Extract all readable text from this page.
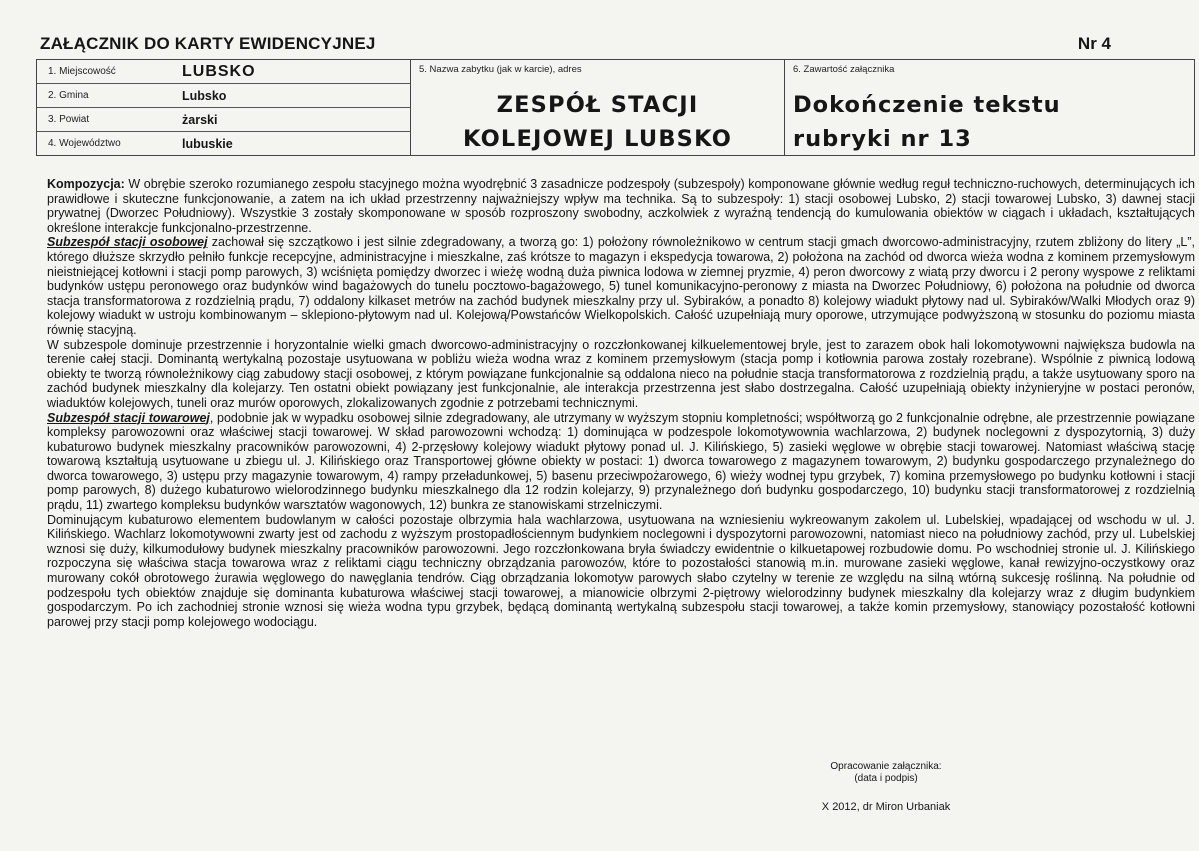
ZAŁĄCZNIK DO KARTY EWIDENCYJNEJ	Nr 4
1. Miejscowość	LUBSKO
2. Gmina	Lubsko
3. Powiat	żarski
4. Województwo	lubuskie
5. Nazwa zabytku (jak w karcie), adres
ZESPÓŁ STACJI
KOLEJOWEJ LUBSKO
6. Zawartość załącznika
Dokończenie tekstu
rubryki nr 13

Kompozycja: W obrębie szeroko rozumianego zespołu stacyjnego można wyodrębnić 3 zasadnicze podzespoły (subzespoły) komponowane głównie według reguł techniczno-ruchowych, determinujących ich prawidłowe i skuteczne funkcjonowanie, a zatem na ich układ przestrzenny najważniejszy wpływ ma technika. Są to subzespoły: 1) stacji osobowej Lubsko, 2) stacji towarowej Lubsko, 3) dawnej stacji prywatnej (Dworzec Południowy). Wszystkie 3 zostały skomponowane w sposób rozproszony swobodny, aczkolwiek z wyraźną tendencją do kumulowania obiektów w ciągach i układach, kształtujących określone interakcje funkcjonalno-przestrzenne.

Subzespół stacji osobowej zachował się szczątkowo i jest silnie zdegradowany, a tworzą go: 1) położony równoleżnikowo w centrum stacji gmach dworcowo-administracyjny, rzutem zbliżony do litery „L”, którego dłuższe skrzydło pełniło funkcje recepcyjne, administracyjne i mieszkalne, zaś krótsze to magazyn i ekspedycja towarowa, 2) położona na zachód od dworca wieża wodna z kominem przemysłowym nieistniejącej kotłowni i stacji pomp parowych, 3) wciśnięta pomiędzy dworzec i wieżę wodną duża piwnica lodowa w ziemnej pryzmie, 4) peron dworcowy z wiatą przy dworcu i 2 perony wyspowe z reliktami budynków ustępu peronowego oraz budynków wind bagażowych do tunelu pocztowo-bagażowego, 5) tunel komunikacyjno-peronowy z miasta na Dworzec Południowy, 6) położona na południe od dworca stacja transformatorowa z rozdzielnią prądu, 7) oddalony kilkaset metrów na zachód budynek mieszkalny przy ul. Sybiraków, a ponadto 8) kolejowy wiadukt płytowy nad ul. Sybiraków/Walki Młodych oraz 9) kolejowy wiadukt w ustroju kombinowanym – sklepiono-płytowym nad ul. Kolejową/Powstańców Wielkopolskich. Całość uzupełniają mury oporowe, utrzymujące podwyższoną w stosunku do poziomu miasta równię stacyjną.

W subzespole dominuje przestrzennie i horyzontalnie wielki gmach dworcowo-administracyjny o rozczłonkowanej kilkuelementowej bryle, jest to zarazem obok hali lokomotywowni największa budowla na terenie całej stacji. Dominantą wertykalną pozostaje usytuowana w pobliżu wieża wodna wraz z kominem przemysłowym (stacja pomp i kotłownia parowa zostały rozebrane). Wspólnie z piwnicą lodową obiekty te tworzą równoleżnikowy ciąg zabudowy stacji osobowej, z którym powiązane funkcjonalnie są oddalona nieco na południe stacja transformatorowa z rozdzielnią prądu, a także usytuowany sporo na zachód budynek mieszkalny dla kolejarzy. Ten ostatni obiekt powiązany jest funkcjonalnie, ale interakcja przestrzenna jest słabo dostrzegalna. Całość uzupełniają obiekty inżynieryjne w postaci peronów, wiaduktów kolejowych, tuneli oraz murów oporowych, zlokalizowanych zgodnie z potrzebami technicznymi.

Subzespół stacji towarowej, podobnie jak w wypadku osobowej silnie zdegradowany, ale utrzymany w wyższym stopniu kompletności; współtworzą go 2 funkcjonalnie odrębne, ale przestrzennie powiązane kompleksy parowozowni oraz właściwej stacji towarowej. W skład parowozowni wchodzą: 1) dominująca w podzespole lokomotywownia wachlarzowa, 2) budynek noclegowni z dyspozytornią, 3) duży kubaturowo budynek mieszkalny pracowników parowozowni, 4) 2-przęsłowy kolejowy wiadukt płytowy ponad ul. J. Kilińskiego, 5) zasieki węglowe w obrębie stacji towarowej. Natomiast właściwą stację towarową kształtują usytuowane u zbiegu ul. J. Kilińskiego oraz Transportowej główne obiekty w postaci: 1) dworca towarowego z magazynem towarowym, 2) budynku gospodarczego przynależnego do dworca towarowego, 3) ustępu przy magazynie towarowym, 4) rampy przeładunkowej, 5) basenu przeciwpożarowego, 6) wieży wodnej typu grzybek, 7) komina przemysłowego po budynku kotłowni i stacji pomp parowych, 8) dużego kubaturowo wielorodzinnego budynku mieszkalnego dla 12 rodzin kolejarzy, 9) przynależnego doń budynku gospodarczego, 10) budynku stacji transformatorowej z rozdzielnią prądu, 11) zwartego kompleksu budynków warsztatów wagonowych, 12) bunkra ze stanowiskami strzelniczymi.

Dominującym kubaturowo elementem budowlanym w całości pozostaje olbrzymia hala wachlarzowa, usytuowana na wzniesieniu wykreowanym zakolem ul. Lubelskiej, wpadającej od wschodu w ul. J. Kilińskiego. Wachlarz lokomotywowni zwarty jest od zachodu z wyższym prostopadłościennym budynkiem noclegowni i dyspozytorni parowozowni, natomiast nieco na południowy zachód, przy ul. Lubelskiej wznosi się duży, kilkumodułowy budynek mieszkalny pracowników parowozowni. Jego rozczłonkowana bryła świadczy ewidentnie o kilkuetapowej rozbudowie domu. Po wschodniej stronie ul. J. Kilińskiego rozpoczyna się właściwa stacja towarowa wraz z reliktami ciągu techniczny obrządzania parowozów, które to pozostałości stanowią m.in. murowane zasieki węglowe, kanał rewizyjno-oczystkowy oraz murowany cokół obrotowego żurawia węglowego do nawęglania tendrów. Ciąg obrządzania lokomotyw parowych słabo czytelny w terenie ze względu na silną wtórną sukcesję roślinną. Na południe od podzespołu tych obiektów znajduje się dominanta kubaturowa właściwej stacji towarowej, a mianowicie olbrzymi 2-piętrowy wielorodzinny budynek mieszkalny dla kolejarzy wraz z długim budynkiem gospodarczym. Po ich zachodniej stronie wznosi się wieża wodna typu grzybek, będącą dominantą wertykalną subzespołu stacji towarowej, a także komin przemysłowy, stanowiący pozostałość kotłowni parowej przy stacji pomp kolejowego wodociągu.

Opracowanie załącznika:
(data i podpis)
X 2012, dr Miron Urbaniak
